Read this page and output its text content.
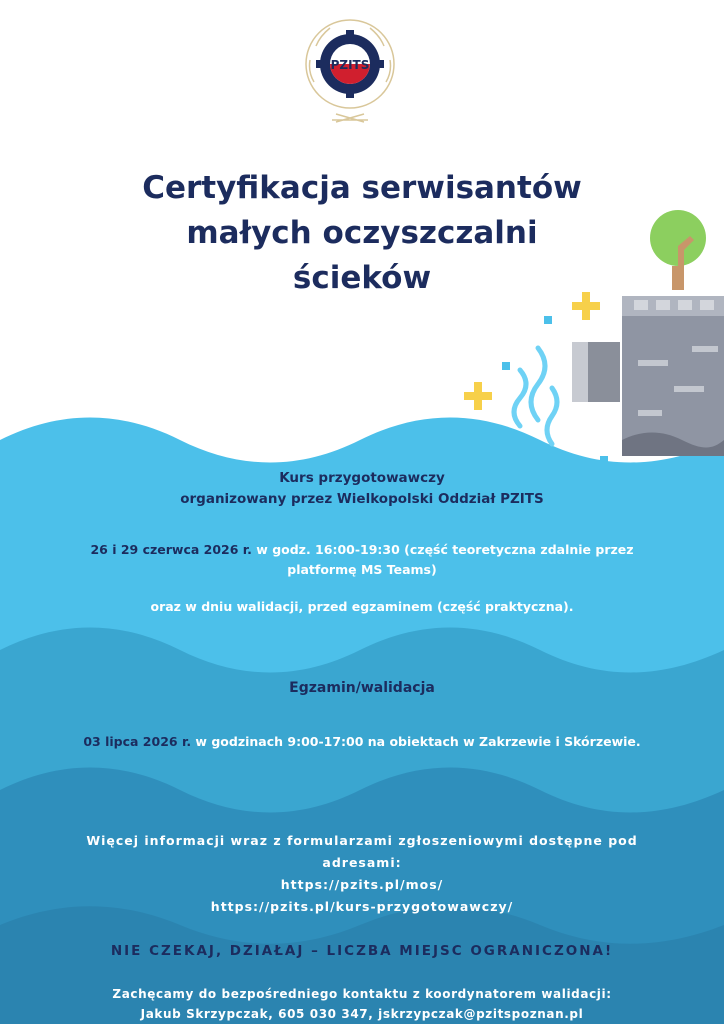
PZITS
Certyfikacja serwisantów
małych oczyszczalni
ścieków
Kurs przygotowawczy
organizowany przez Wielkopolski Oddział PZITS
26 i 29 czerwca 2026 r. w godz. 16:00-19:30 (część teoretyczna zdalnie przez
platformę MS Teams)
oraz w dniu walidacji, przed egzaminem (część praktyczna).
Egzamin/walidacja
03 lipca 2026 r. w godzinach 9:00-17:00 na obiektach w Zakrzewie i Skórzewie.
Więcej informacji wraz z formularzami zgłoszeniowymi dostępne pod
adresami:
https://pzits.pl/mos/
https://pzits.pl/kurs-przygotowawczy/
NIE CZEKAJ, DZIAŁAJ – LICZBA MIEJSC OGRANICZONA!
Zachęcamy do bezpośredniego kontaktu z koordynatorem walidacji:
Jakub Skrzypczak, 605 030 347, jskrzypczak@pzitspoznan.pl
